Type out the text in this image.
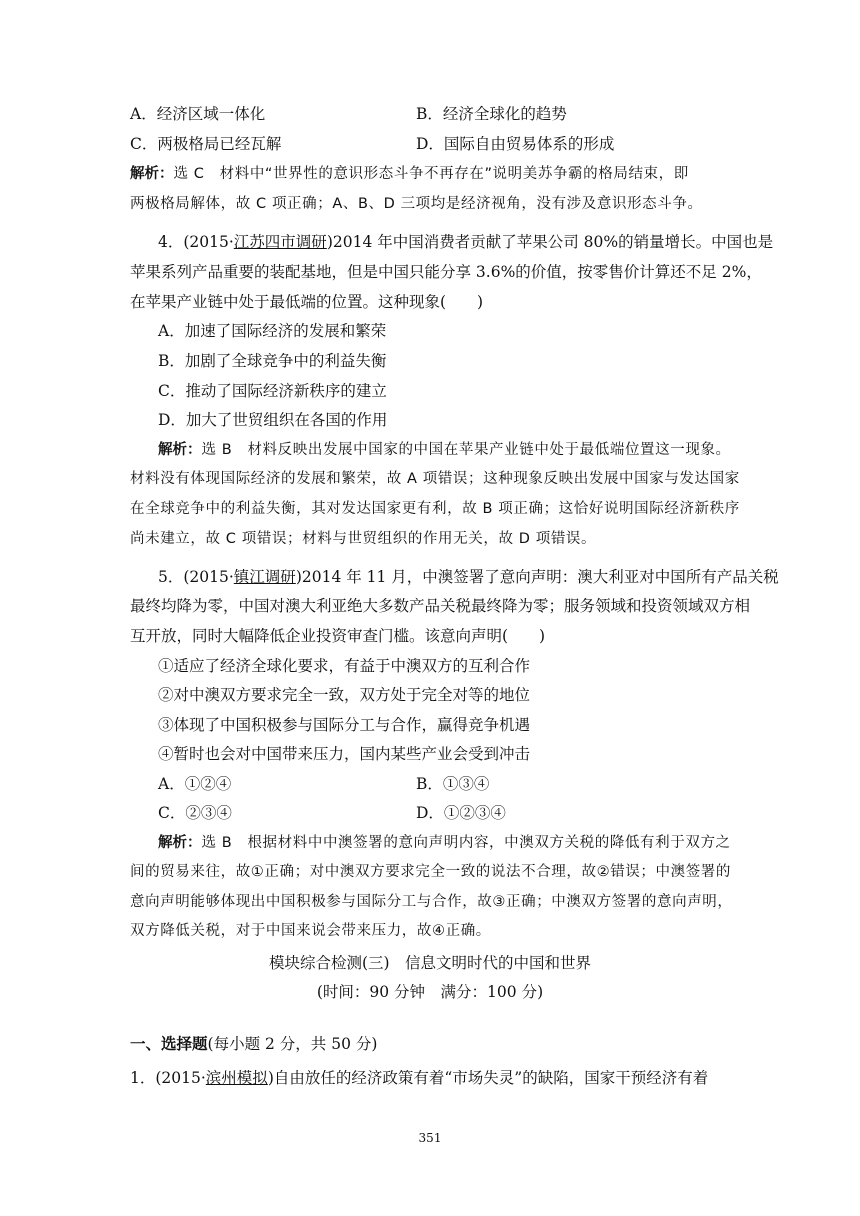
A．经济区域一体化	B．经济全球化的趋势
C．两极格局已经瓦解	D．国际自由贸易体系的形成
解析：选 C　材料中“世界性的意识形态斗争不再存在”说明美苏争霸的格局结束，即
两极格局解体，故 C 项正确；A、B、D 三项均是经济视角，没有涉及意识形态斗争。
4．(2015·江苏四市调研)2014 年中国消费者贡献了苹果公司 80%的销量增长。中国也是
苹果系列产品重要的装配基地，但是中国只能分享 3.6%的价值，按零售价计算还不足 2%，
在苹果产业链中处于最低端的位置。这种现象(　　)
A．加速了国际经济的发展和繁荣
B．加剧了全球竞争中的利益失衡
C．推动了国际经济新秩序的建立
D．加大了世贸组织在各国的作用
解析：选 B　材料反映出发展中国家的中国在苹果产业链中处于最低端位置这一现象。
材料没有体现国际经济的发展和繁荣，故 A 项错误；这种现象反映出发展中国家与发达国家
在全球竞争中的利益失衡，其对发达国家更有利，故 B 项正确；这恰好说明国际经济新秩序
尚未建立，故 C 项错误；材料与世贸组织的作用无关，故 D 项错误。
5．(2015·镇江调研)2014 年 11 月，中澳签署了意向声明：澳大利亚对中国所有产品关税
最终均降为零，中国对澳大利亚绝大多数产品关税最终降为零；服务领域和投资领域双方相
互开放，同时大幅降低企业投资审查门槛。该意向声明(　　)
①适应了经济全球化要求，有益于中澳双方的互利合作
②对中澳双方要求完全一致，双方处于完全对等的地位
③体现了中国积极参与国际分工与合作，赢得竞争机遇
④暂时也会对中国带来压力，国内某些产业会受到冲击
A．①②④	B．①③④
C．②③④	D．①②③④
解析：选 B　根据材料中中澳签署的意向声明内容，中澳双方关税的降低有利于双方之
间的贸易来往，故①正确；对中澳双方要求完全一致的说法不合理，故②错误；中澳签署的
意向声明能够体现出中国积极参与国际分工与合作，故③正确；中澳双方签署的意向声明，
双方降低关税，对于中国来说会带来压力，故④正确。
模块综合检测(三)　信息文明时代的中国和世界
(时间：90 分钟　满分：100 分)
一、选择题(每小题 2 分，共 50 分)
1．(2015·滨州模拟)自由放任的经济政策有着“市场失灵”的缺陷，国家干预经济有着
351
